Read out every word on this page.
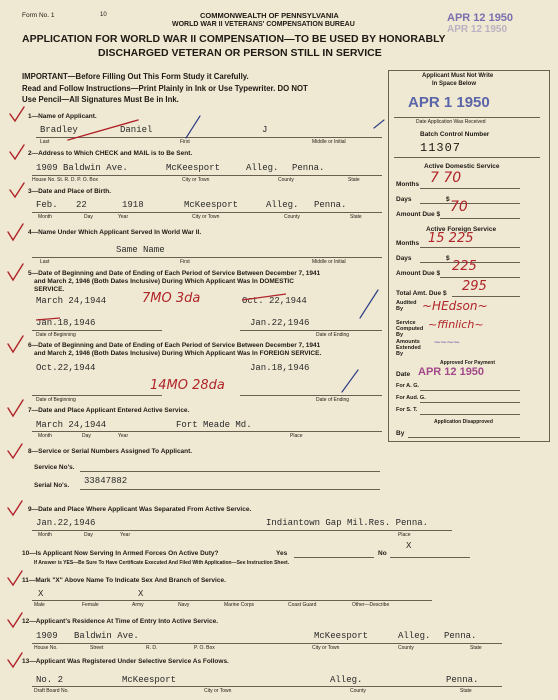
Form No. 1	10	COMMONWEALTH OF PENNSYLVANIA
WORLD WAR II VETERANS' COMPENSATION BUREAU
APPLICATION FOR WORLD WAR II COMPENSATION—TO BE USED BY HONORABLY
DISCHARGED VETERAN OR PERSON STILL IN SERVICE
APR 12 1950
APR 12 1950
IMPORTANT—Before Filling Out This Form Study it Carefully.
Read and Follow Instructions—Print Plainly in Ink or Use Typewriter. DO NOT
Use Pencil—All Signatures Must Be in Ink.
Applicant Must Not Write
In Space Below
APR 1 1950
Date Application Was Received
Batch Control Number
11307
Active Domestic Service
Months 7 70
Days	$
Amount Due $ 70
Active Foreign Service
Months 15 225
Days	$
Amount Due $ 225
Total Amt. Due $ 295
Audited By	~HEdson~
Service Computed By
~ffinlich~
Amounts Extended By
~~~~
Approved For Payment
Date APR 12 1950
For A. G.
For Aud. G.
For S. T.
Application Disapproved
By
1—Name of Applicant.
Bradley	Daniel	J
Last	First	Middle or Initial
2—Address to Which CHECK and MAIL is to Be Sent.
1909 Baldwin Ave.	McKeesport	Alleg. Penna.
House No. St. R. D. P. O. Box	City or Town	County	State
3—Date and Place of Birth.
Feb. 22	1918	McKeesport	Alleg. Penna.
Month	Day	Year	City or Town	County	State
4—Name Under Which Applicant Served In World War II.
Same Name
Last	First	Middle or Initial
5—Date of Beginning and Date of Ending of Each Period of Service Between December 7, 1941
and March 2, 1946 (Both Dates Inclusive) During Which Applicant Was In DOMESTIC
SERVICE.
March 24,1944	7MO 3da	Oct. 22,1944
Jan.18,1946	Jan.22,1946
Date of Beginning	Date of Ending
6—Date of Beginning and Date of Ending of Each Period of Service Between December 7, 1941
and March 2, 1946 (Both Dates Inclusive) During Which Applicant Was In FOREIGN SERVICE.
Oct.22,1944	Jan.18,1946
14MO 28da
Date of Beginning	Date of Ending
7—Date and Place Applicant Entered Active Service.
March 24,1944	Fort Meade Md.
Month	Day	Year	Place
8—Service or Serial Numbers Assigned To Applicant.
Service No's.
Serial No's. 33847882
9—Date and Place Where Applicant Was Separated From Active Service.
Jan.22,1946	Indiantown Gap Mil.Res. Penna.
Month	Day	Year	Place
10—Is Applicant Now Serving In Armed Forces On Active Duty?	Yes	No
X
If Answer is YES—Be Sure To Have Certificate Executed And Filed With Application—See Instruction Sheet.
11—Mark "X" Above Name To Indicate Sex And Branch of Service.
X	X
Male	Female	Army	Navy	Marine Corps	Coast Guard	Other—Describe
12—Applicant's Residence At Time of Entry Into Active Service.
1909 Baldwin Ave.	McKeesport	Alleg. Penna.
House No.	Street	R. D.	P. O. Box	City or Town	County	State
13—Applicant Was Registered Under Selective Service As Follows.
No. 2	McKeesport	Alleg.	Penna.
Draft Board No.	City or Town	County	State
